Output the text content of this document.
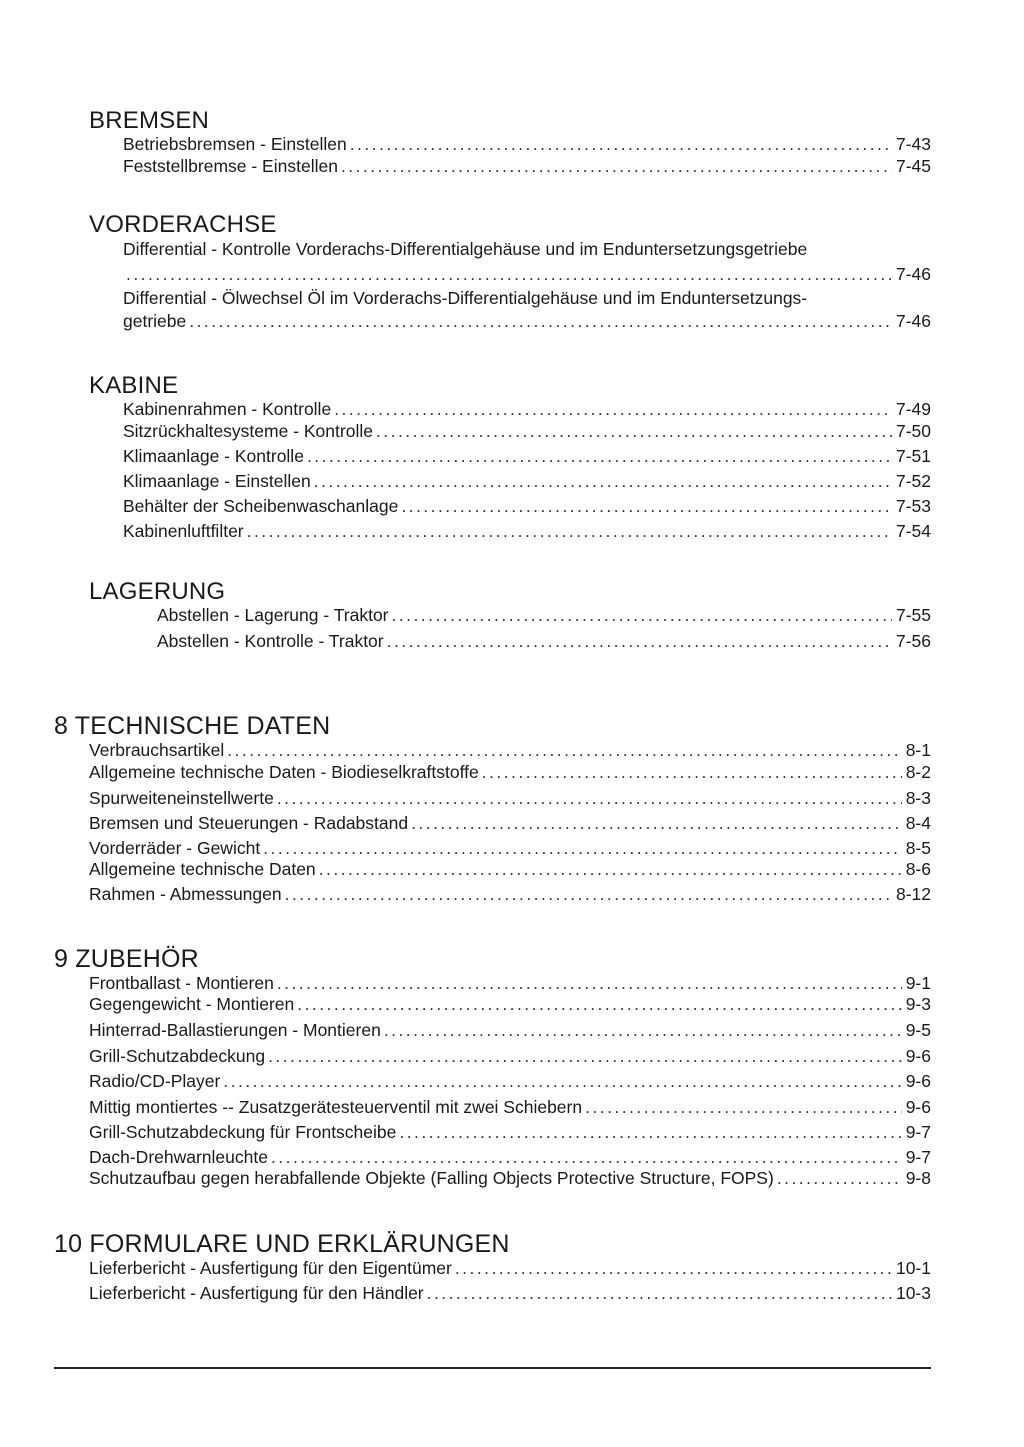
BREMSEN
Betriebsbremsen - Einstellen . . .	7-43
Feststellbremse - Einstellen . . .	7-45
VORDERACHSE
Differential - Kontrolle Vorderachs-Differentialgehäuse und im Enduntersetzungsgetriebe
. . .
7-46
Differential - Ölwechsel Öl im Vorderachs-Differentialgehäuse und im Enduntersetzungs-
getriebe . . .	7-46
KABINE
Kabinenrahmen - Kontrolle . . .	7-49
Sitzrückhaltesysteme - Kontrolle . . .	7-50
Klimaanlage - Kontrolle . . .	7-51
Klimaanlage - Einstellen . . .	7-52
Behälter der Scheibenwaschanlage . . .	7-53
Kabinenluftfilter . . .	7-54
LAGERUNG
Abstellen - Lagerung - Traktor . . .	7-55
Abstellen - Kontrolle - Traktor . . .	7-56
8 TECHNISCHE DATEN
Verbrauchsartikel . . .	8-1
Allgemeine technische Daten - Biodieselkraftstoffe . . .	8-2
Spurweiteneinstellwerte . . .	8-3
Bremsen und Steuerungen - Radabstand . . .	8-4
Vorderräder - Gewicht . . .	8-5
Allgemeine technische Daten . . .	8-6
Rahmen - Abmessungen . . .	8-12
9 ZUBEHÖR
Frontballast - Montieren . . .	9-1
Gegengewicht - Montieren . . .	9-3
Hinterrad-Ballastierungen - Montieren . . .	9-5
Grill-Schutzabdeckung . . .	9-6
Radio/CD-Player . . .	9-6
Mittig montiertes -- Zusatzgerätesteuerventil mit zwei Schiebern . . .	9-6
Grill-Schutzabdeckung für Frontscheibe . . .	9-7
Dach-Drehwarnleuchte . . .	9-7
Schutzaufbau gegen herabfallende Objekte (Falling Objects Protective Structure, FOPS) . . .	9-8
10 FORMULARE UND ERKLÄRUNGEN
Lieferbericht - Ausfertigung für den Eigentümer . . .	10-1
Lieferbericht - Ausfertigung für den Händler . . .	10-3
